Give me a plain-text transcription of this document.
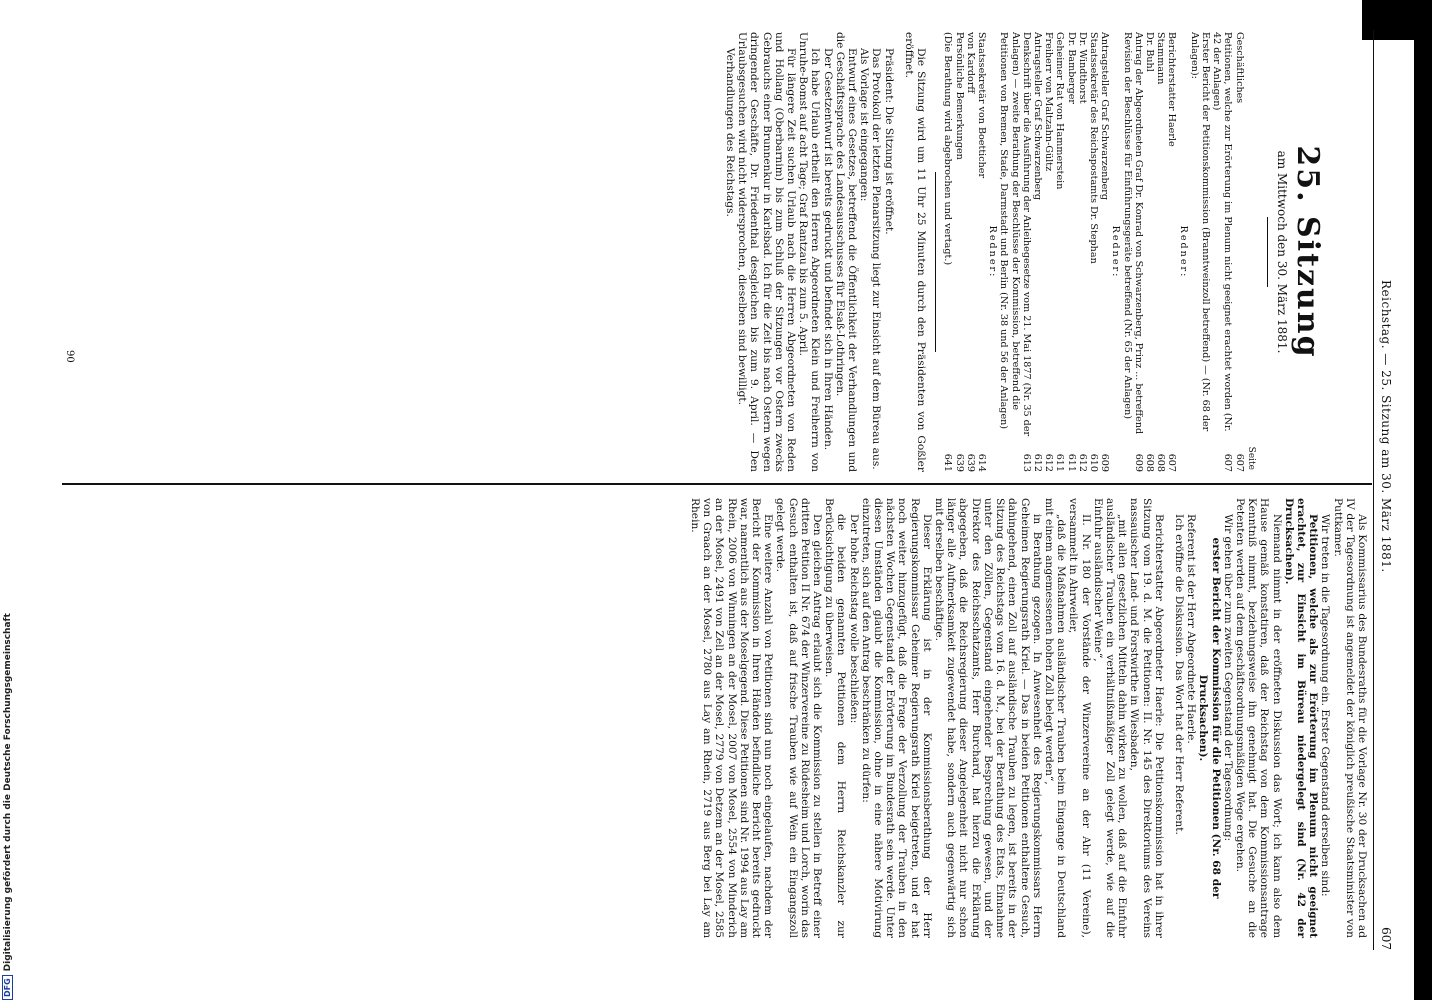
DFGDigitalisierung gefördert durch die Deutsche Forschungsgemeinschaft
Reichstag. — 25. Sitzung am 30. März 1881.
607
25. Sitzung
am Mittwoch den 30. März 1881.
Seite
Geschäftliches
607
Petitionen, welche zur Erörterung im Plenum nicht geeignet erachtet worden (Nr. 42 der Anlagen)
607
Erster Bericht der Petitionskommission (Branntweinzoll betreffend) — (Nr. 68 der Anlagen):
Redner:
Berichterstatter Haerle
607
Stammann
608
Dr. Buhl
608
Antrag der Abgeordneten Graf Dr. Konrad von Schwarzenberg, Prinz ... betreffend Revision der Beschlüsse für Einführungsgeräte betreffend (Nr. 65 der Anlagen)
609
Redner:
Antragsteller Graf Schwarzenberg
609
Staatssekretär des Reichspostamts Dr. Stephan
610
Dr. Windthorst
612
Dr. Bamberger
611
Geheimer Rat von Hammerstein
611
Freiherr von Maltzahn-Gültz
612
Antragsteller Graf Schwarzenberg
612
Denkschrift über die Ausführung der Anleihegesetze vom 21. Mai 1877 (Nr. 35 der Anlagen) — zweite Berathung der Beschlüsse der Kommission, betreffend die Petitionen von Bremen, Stade, Darmstadt und Berlin (Nr. 38 und 56 der Anlagen)
613
Redner:
Staatssekretär von Boetticher
614
von Kardorff
639
Persönliche Bemerkungen
639
(Die Berathung wird abgebrochen und vertagt.)
641

Die Sitzung wird um 11 Uhr 25 Minuten durch den Präsidenten von Goßler eröffnet.

Präsident: Die Sitzung ist eröffnet.

Das Protokoll der letzten Plenarsitzung liegt zur Einsicht auf dem Büreau aus.

Als Vorlage ist eingegangen:

Entwurf eines Gesetzes, betreffend die Öffentlichkeit der Verhandlungen und die Geschäftssprache des Landesausschusses für Elsaß-Lothringen.

Der Gesetzentwurf ist bereits gedruckt und befindet sich in Ihren Händen.

Ich habe Urlaub ertheilt den Herren Abgeordneten Klein und Freiherrn von Unruhe-Bomst auf acht Tage; Graf Rantzau bis zum 5. April.

Für längere Zeit suchen Urlaub nach die Herren Abgeordneten von Reden und Hollang (Oberbarnim) bis zum Schluß der Sitzungen vor Ostern zwecks Gebrauchs einer Brunnenkur in Karlsbad. Ich für die Zeit bis nach Ostern wegen dringender Geschäfte, Dr. Friedenthal desgleichen bis zum 9. April. — Den Urlaubsgesuchen wird nicht widersprochen, dieselben sind bewilligt.

Verhandlungen des Reichstags.

Als Kommissarius des Bundesraths für die Vorlage Nr. 30 der Drucksachen ad IV der Tagesordnung ist angemeldet der königlich preußische Staatsminister von Puttkamer.

Wir treten in die Tagesordnung ein. Erster Gegenstand derselben sind:

Petitionen, welche als zur Erörterung im Plenum nicht geeignet erachtet, zur Einsicht im Büreau niedergelegt sind (Nr. 42 der Drucksachen).

Niemand nimmt in der eröffneten Diskussion das Wort; ich kann also dem Hause gemäß konstatiren, daß der Reichstag von dem Kommissionsantrage Kenntniß nimmt, beziehungsweise ihn genehmigt hat. Die Gesuche an die Petenten werden auf dem geschäftsordnungsmäßigen Wege ergehen.

Wir gehen über zum zweiten Gegenstand der Tagesordnung:

erster Bericht der Kommission für die Petitionen (Nr. 68 der Drucksachen).

Referent ist der Herr Abgeordnete Haerle.

Ich eröffne die Diskussion. Das Wort hat der Herr Referent.

Berichterstatter Abgeordneter Haerle: Die Petitionskommission hat in ihrer Sitzung vom 19. d. M. die Petitionen: II. Nr. 145 des Direktoriums des Vereins nassauischer Land- und Forstwirthe in Wiesbaden,

„mit allen gesetzlichen Mitteln dahin wirken zu wollen, daß auf die Einfuhr ausländischer Trauben ein verhältnißmäßiger Zoll gelegt werde, wie auf die Einfuhr ausländischer Weine“,

II. Nr. 180 der Vorstände der Winzervereine an der Ahr (11 Vereine), versammelt in Ahrweiler,

„daß die Maßnahmen ausländischer Trauben beim Eingange in Deutschland mit einem angemessenen hohen Zoll belegt werden“,

in Berathung gezogen. In Anwesenheit des Regierungskommissars Herrn Geheimen Regierungsrath Kriel. — Das in beiden Petitionen enthaltene Gesuch, dahingehend, einen Zoll auf ausländische Trauben zu legen, ist bereits in der Sitzung des Reichstags vom 16. d. M., bei der Berathung des Etats, Einnahme unter den Zöllen, Gegenstand eingehender Besprechung gewesen, und der Direktor des Reichsschatzamts, Herr Burchard, hat hierzu die Erklärung abgegeben, daß die Reichsregierung dieser Angelegenheit nicht nur schon länger alle Aufmerksamkeit zugewendet habe, sondern auch gegenwärtig sich mit derselben beschäftige.

Dieser Erklärung ist in der Kommissionsberathung der Herr Regierungskommissar Geheimer Regierungsrath Kriel beigetreten, und er hat noch weiter hinzugefügt, daß die Frage der Verzollung der Trauben in den nächsten Wochen Gegenstand der Erörterung im Bundesrath sein werde. Unter diesen Umständen glaubt die Kommission, ohne in eine nähere Motivirung einzutreten, sich auf den Antrag beschränken zu dürfen:

Der hohe Reichstag wolle beschließen:

die beiden genannten Petitionen dem Herrn Reichskanzler zur Berücksichtigung zu überweisen.

Den gleichen Antrag erlaubt sich die Kommission zu stellen in Betreff einer dritten Petition II Nr. 674 der Winzervereine zu Rüdesheim und Lorch, worin das Gesuch enthalten ist, daß auf frische Trauben wie auf Wein ein Eingangszoll gelegt werde.

Eine weitere Anzahl von Petitionen sind nun noch eingelaufen, nachdem der Bericht der Kommission in Ihren Händen befindliche Bericht bereits gedruckt war, namentlich aus der Moselgegend. Diese Petitionen sind Nr. 1994 aus Lay am Rhein, 2006 von Winningen an der Mosel, 2007 von Mosel, 2554 von Minderich an der Mosel, 2491 von Zell an der Mosel, 2779 von Detzem an der Mosel, 2585 von Graach an der Mosel, 2780 aus Lay am Rhein, 2719 aus Berg bei Lay am Rhein.

90
